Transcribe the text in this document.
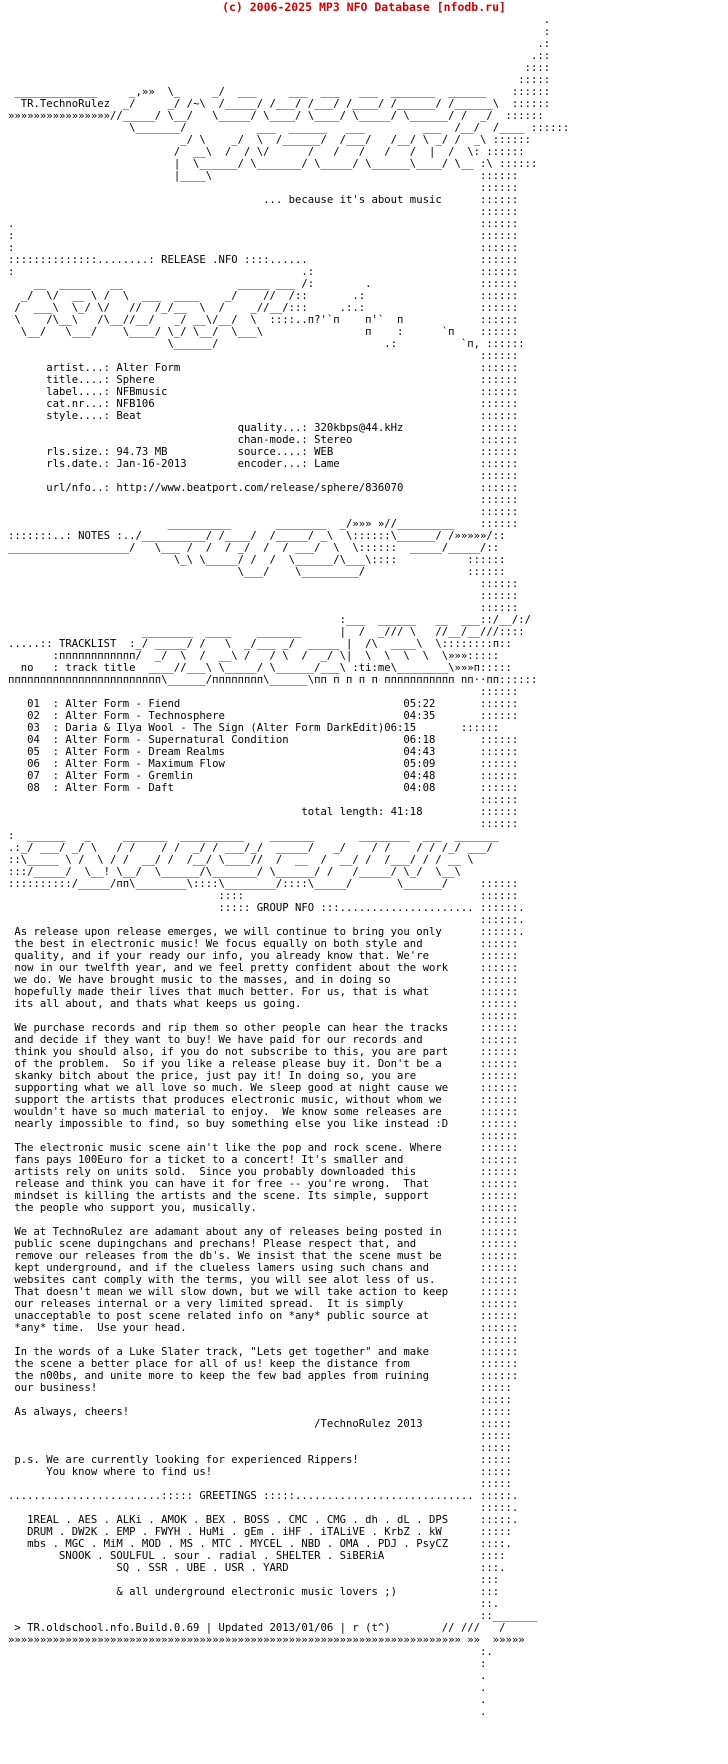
(c) 2006-2025 MP3 NFO Database [nfodb.ru]
.
:
.:
.::
::::
:::::
_____________     _,»»  \_     _/  ___     ___  ___   ___  _______  ______    ::::::
TR.TechnoRulez  _/     _/ /~\  /_____/ /___/ /___/ /____/ /______/ /______\  ::::::
»»»»»»»»»»»»»»»»//_____/ \__/   \_____/ \____/ \____/ \_____/ \______/ /  _/  ::::::
\_______/           ___  ______   ___         ___  /__/  /____ ::::::
_/ \    _/  \  /______/  /___/   /__/ \ _/ /  _\ ::::::
/  __\  /  / \/      /   /   /   /   /  |  /  \: ::::::
|  \______/ \_______/ \_____/ \______\____/ \__ :\ ::::::
|____\                                          ::::::
::::::
... because it's about music      ::::::
::::::
.                                                                         ::::::
:                                                                         ::::::
:                                                                         ::::::
::::::::::::::........: RELEASE .NFO ::::......                           ::::::
:                                             .:                          ::::::
__  _____   __                  _____ ___ /:        .                 ::::::
_/  \/  __ \ /  \  ___  ____    _/    //  /::       .:                  ::::::
/  ___\  \_/ \/   //  /_/__  \  /    _//__/:::     .:.:                  ::::::
\    /\__\   /\__//__/   _/ __\/__/  \  ::::..п?'`п    п'`  п            ::::::
\__/   \___/    \____/ \_/ \__/  \___\                п    :      `п    ::::::
\______/                          .:          `п, ::::::
::::::
artist...: Alter Form                                               ::::::
title....: Sphere                                                   ::::::
label....: NFBmusic                                                 ::::::
cat.nr...: NFB106                                                   ::::::
style....: Beat                                                     ::::::
quality...: 320kbps@44.kHz            ::::::
chan-mode.: Stereo                    ::::::
rls.size.: 94.73 MB           source....: WEB                       ::::::
rls.date.: Jan-16-2013        encoder...: Lame                      ::::::
::::::
url/nfo..: http://www.beatport.com/release/sphere/836070            ::::::
::::::
::::::
__________       ________  _/»»» »//_________    ::::::
:::::::..: NOTES :../__________/ /____/  /_____/ _\  \::::::\______/ /»»»»»/::
___________________/   \___ /  /  / _/  /  / ___/  \  \::::::  _____/_____/::
\_\ \_____/ /  /  \______/\___\::::           ::::::
\___/    \_________/                ::::::
::::::
::::::
::::::
:___  ______   __  ___::/__/:/
________  ____    _______      |  /  _/// \   //__/__///::::
.....:: TRACKLIST  :_/ _____/ /   \  _/___ _/  _____ |  /\  ____\  \::::::::п::
:пппппппппппп/  _/  \  /  __\ /   / \  /  _/ \|  \  \  \  \  \»»»:::::
no   : track title  ____//___\ \_____/ \______/___\ :ti:me\________\»»»п:::::
пппппппппппппппппппппппп\______/пппппппп\______\пп п п п п ппппппппппп пп··пп::::::
::::::
01  : Alter Form - Fiend                                   05:22       ::::::
02  : Alter Form - Technosphere                            04:35       ::::::
03  : Daria & Ilya Wool - The Sign (Alter Form DarkEdit)06:15       ::::::
04  : Alter Form - Supernatural Condition                  06:18       ::::::
05  : Alter Form - Dream Realms                            04:43       ::::::
06  : Alter Form - Maximum Flow                            05:09       ::::::
07  : Alter Form - Gremlin                                 04:48       ::::::
08  : Alter Form - Daft                                    04:08       ::::::
::::::
total length: 41:18         ::::::
::::::
:  ______   _     _______  __________    _______       ________  ___  _______
.:_/ ___/ _/ \   / /    / /  _/ / ___/_/  _____/   _/    / /    / / /_/ ___/
::\_____ \ /  \ / /  __/ /  /__/ \____//  /  __  /  __/ /  /___/ / / __ \
:::/_____/  \__! \__/  \______/\_______/ \______/ /   /_____/ \_/  \__\
::::::::::/_____/пп\________\::::\________/::::\_____/       \______/     ::::::
::::                                     ::::::
::::: GROUP NFO :::..................... ::::::.
::::::.
As release upon release emerges, we will continue to bring you only      ::::::.
the best in electronic music! We focus equally on both style and         ::::::
quality, and if your ready our info, you already know that. We're        ::::::
now in our twelfth year, and we feel pretty confident about the work     ::::::
we do. We have brought music to the masses, and in doing so              ::::::
hopefully made their lives that much better. For us, that is what        ::::::
its all about, and thats what keeps us going.                            ::::::
::::::
We purchase records and rip them so other people can hear the tracks     ::::::
and decide if they want to buy! We have paid for our records and         ::::::
think you should also, if you do not subscribe to this, you are part     ::::::
of the problem.  So if you like a release please buy it. Don't be a      ::::::
skanky bitch about the price, just pay it! In doing so, you are          ::::::
supporting what we all love so much. We sleep good at night cause we     ::::::
support the artists that produces electronic music, without whom we      ::::::
wouldn't have so much material to enjoy.  We know some releases are      ::::::
nearly impossible to find, so buy something else you like instead :D     ::::::
::::::
The electronic music scene ain't like the pop and rock scene. Where      ::::::
fans pays 100Euro for a ticket to a concert! It's smaller and            ::::::
artists rely on units sold.  Since you probably downloaded this          ::::::
release and think you can have it for free -- you're wrong.  That        ::::::
mindset is killing the artists and the scene. Its simple, support        ::::::
the people who support you, musically.                                   ::::::
::::::
We at TechnoRulez are adamant about any of releases being posted in      ::::::
public scene dupingchans and prechans! Please respect that, and          ::::::
remove our releases from the db's. We insist that the scene must be      ::::::
kept underground, and if the clueless lamers using such chans and        ::::::
websites cant comply with the terms, you will see alot less of us.       ::::::
That doesn't mean we will slow down, but we will take action to keep     ::::::
our releases internal or a very limited spread.  It is simply            ::::::
unacceptable to post scene related info on *any* public source at        ::::::
*any* time.  Use your head.                                              ::::::
::::::
In the words of a Luke Slater track, "Lets get together" and make        ::::::
the scene a better place for all of us! keep the distance from           ::::::
the n00bs, and unite more to keep the few bad apples from ruining        ::::::
our business!                                                            :::::
:::::
As always, cheers!                                                       :::::
/TechnoRulez 2013         :::::
:::::
:::::
p.s. We are currently looking for experienced Rippers!                   :::::
You know where to find us!                                          :::::
:::::
........................::::: GREETINGS :::::............................ :::::.
:::::.
1REAL . AES . ALKi . AMOK . BEX . BOSS . CMC . CMG . dh . dL . DPS     :::::.
DRUM . DW2K . EMP . FWYH . HuMi . gEm . iHF . iTALiVE . KrbZ . kW      :::::
mbs . MGC . MiM . MOD . MS . MTC . MYCEL . NBD . OMA . PDJ . PsyCZ     ::::.
SNOOK . SOULFUL . sour . radial . SHELTER . SiBERiA               ::::
SQ . SSR . UBE . USR . YARD                              :::.
:::
& all underground electronic music lovers ;)             :::
::.
::_______
> TR.oldschool.nfo.Build.0.69 | Updated 2013/01/06 | r (t^)        // ///   /
»»»»»»»»»»»»»»»»»»»»»»»»»»»»»»»»»»»»»»»»»»»»»»»»»»»»»»»»»»»»»»»»»»»»»»» »»  »»»»»
:.
:
.
.
.
.
